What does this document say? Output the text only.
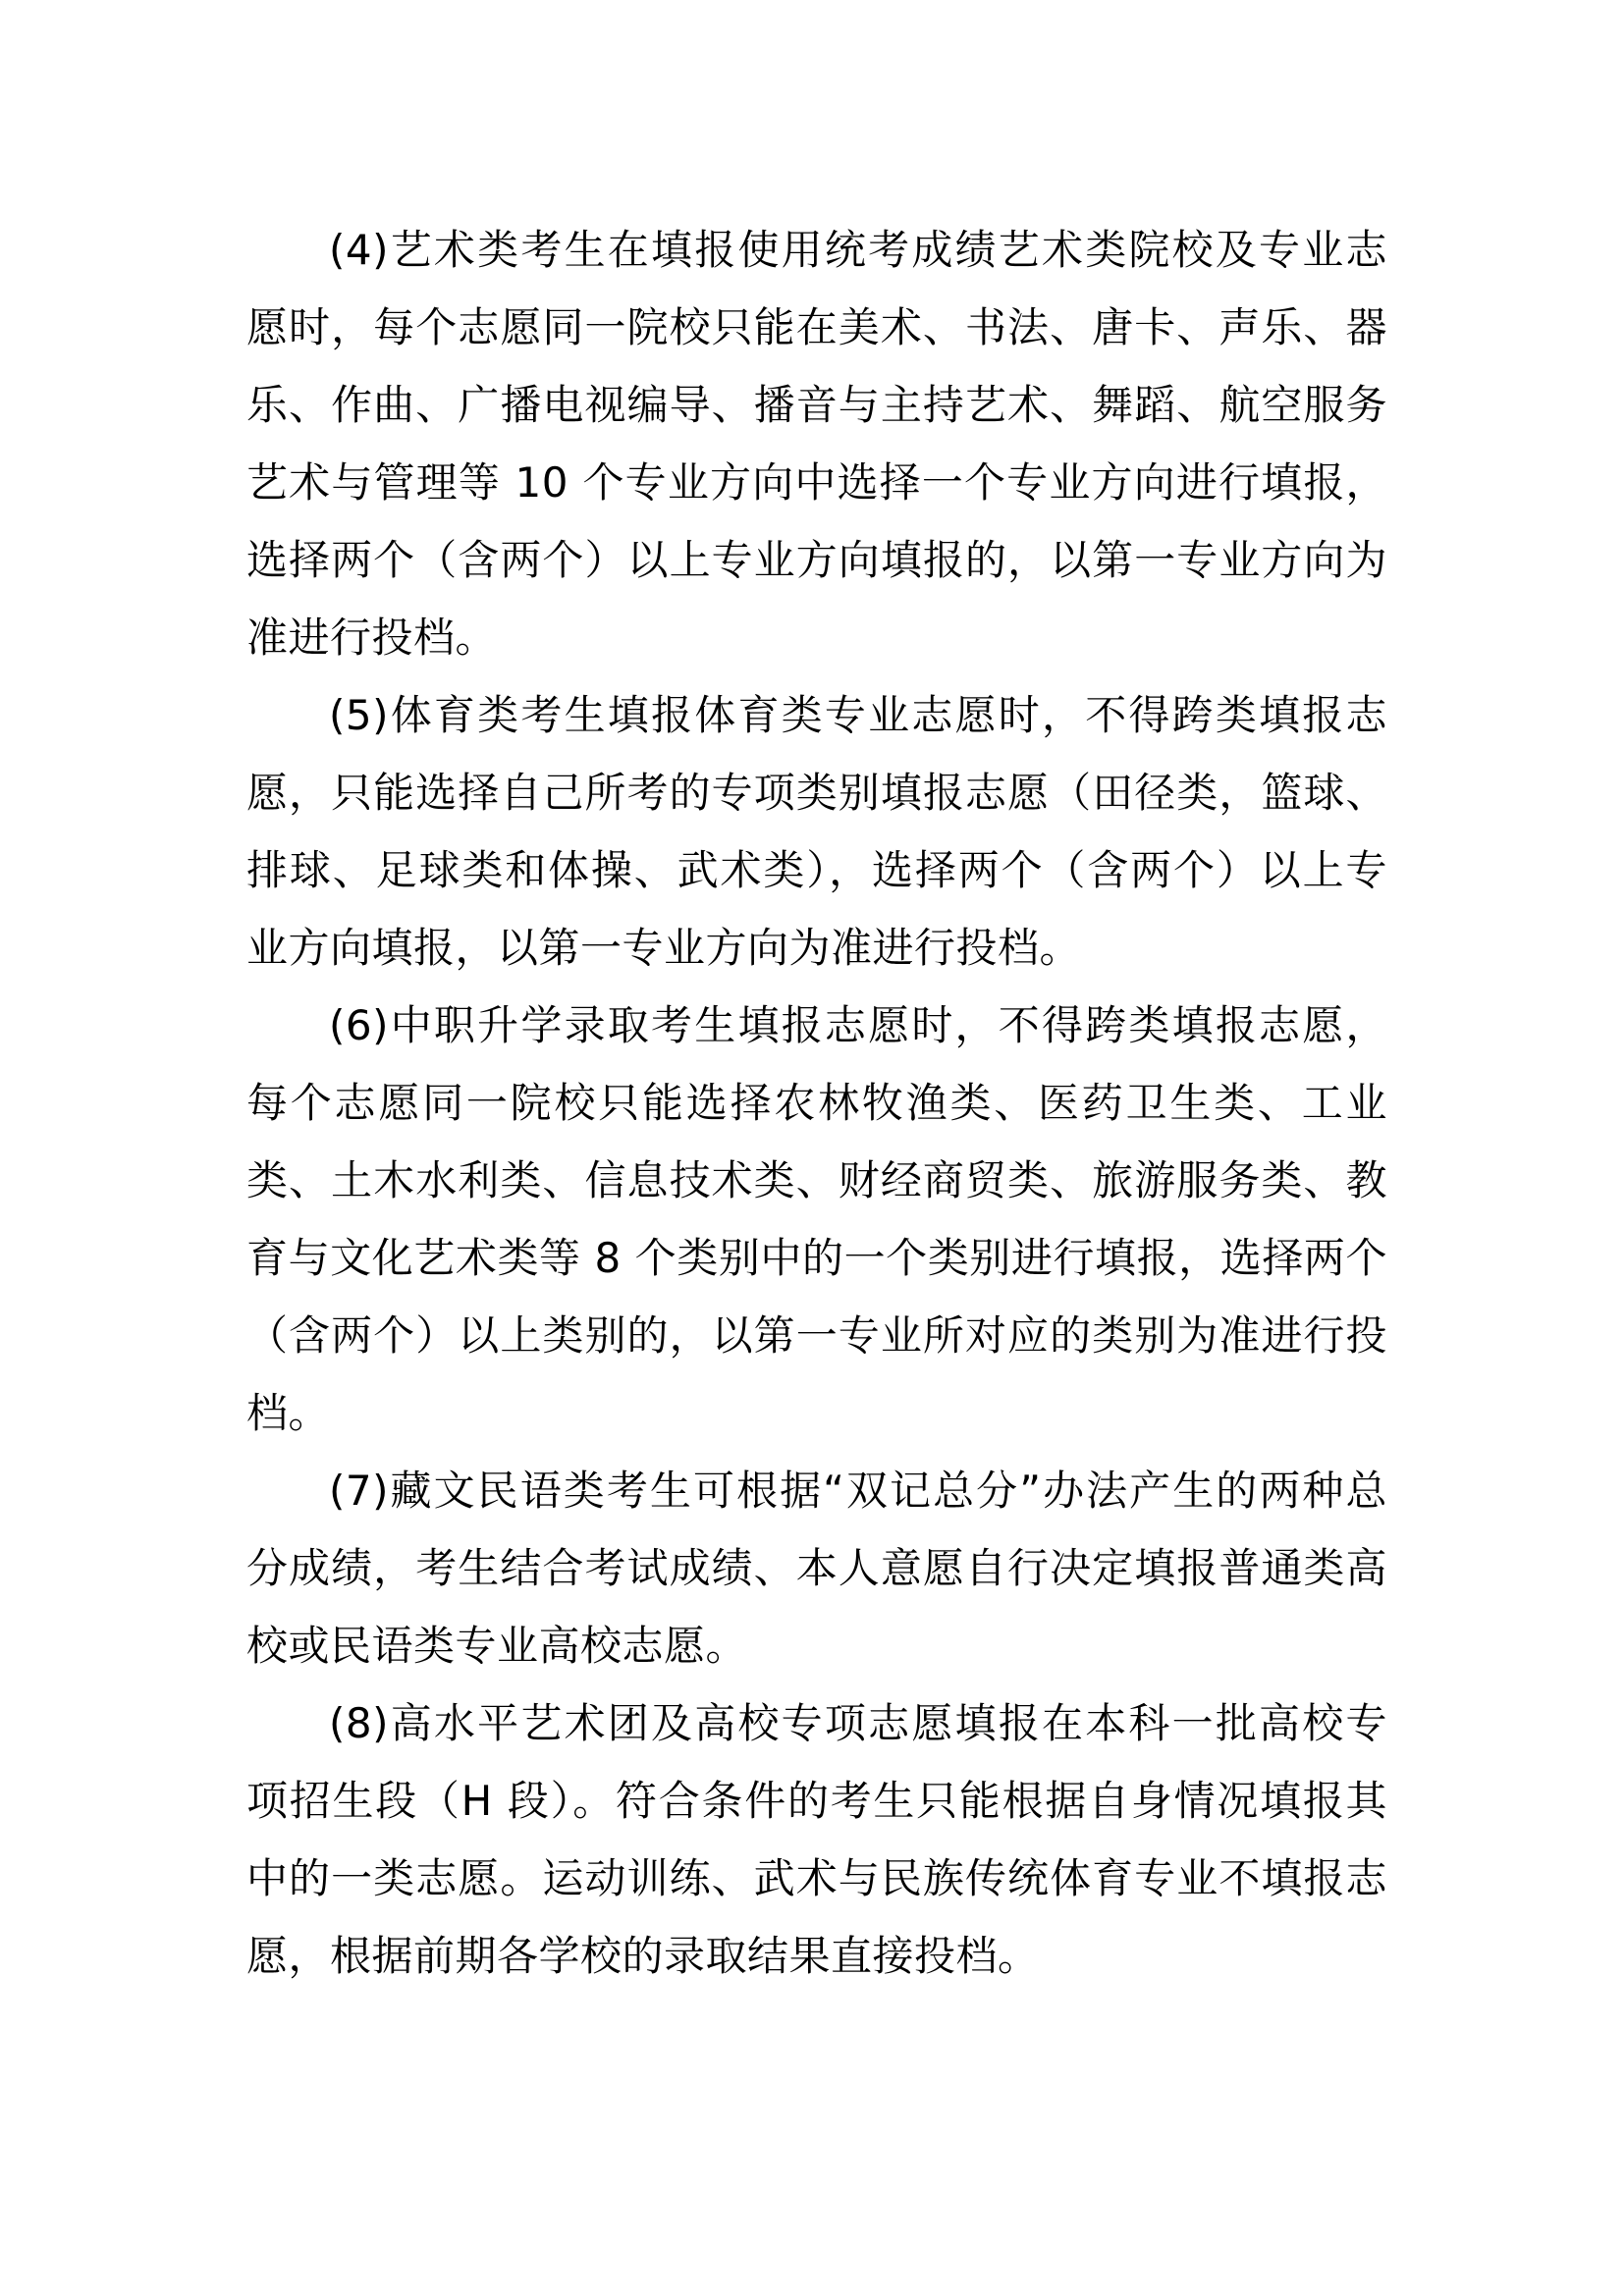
(4)艺术类考生在填报使用统考成绩艺术类院校及专业志愿时，每个志愿同一院校只能在美术、书法、唐卡、声乐、器乐、作曲、广播电视编导、播音与主持艺术、舞蹈、航空服务艺术与管理等 10 个专业方向中选择一个专业方向进行填报，选择两个（含两个）以上专业方向填报的，以第一专业方向为准进行投档。

(5)体育类考生填报体育类专业志愿时，不得跨类填报志愿，只能选择自己所考的专项类别填报志愿（田径类，篮球、排球、足球类和体操、武术类），选择两个（含两个）以上专业方向填报，以第一专业方向为准进行投档。

(6)中职升学录取考生填报志愿时，不得跨类填报志愿，每个志愿同一院校只能选择农林牧渔类、医药卫生类、工业类、土木水利类、信息技术类、财经商贸类、旅游服务类、教育与文化艺术类等 8 个类别中的一个类别进行填报，选择两个（含两个）以上类别的，以第一专业所对应的类别为准进行投档。

(7)藏文民语类考生可根据“双记总分”办法产生的两种总分成绩，考生结合考试成绩、本人意愿自行决定填报普通类高校或民语类专业高校志愿。

(8)高水平艺术团及高校专项志愿填报在本科一批高校专项招生段（H 段）。符合条件的考生只能根据自身情况填报其中的一类志愿。运动训练、武术与民族传统体育专业不填报志愿，根据前期各学校的录取结果直接投档。
